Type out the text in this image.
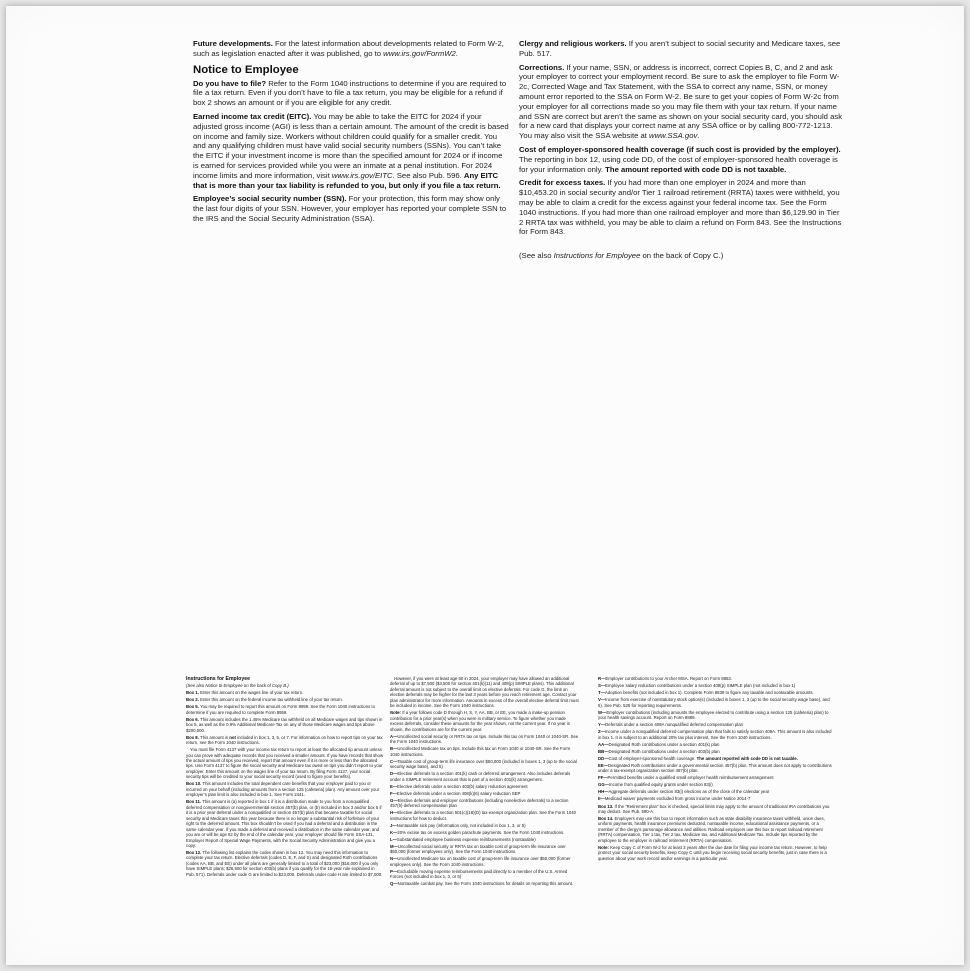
Future developments. For the latest information about developments related to Form W-2, such as legislation enacted after it was published, go to www.irs.gov/FormW2.

Notice to Employee

Do you have to file? Refer to the Form 1040 instructions to determine if you are required to file a tax return. Even if you don’t have to file a tax return, you may be eligible for a refund if box 2 shows an amount or if you are eligible for any credit.

Earned income tax credit (EITC). You may be able to take the EITC for 2024 if your adjusted gross income (AGI) is less than a certain amount. The amount of the credit is based on income and family size. Workers without children could qualify for a smaller credit. You and any qualifying children must have valid social security numbers (SSNs). You can’t take the EITC if your investment income is more than the specified amount for 2024 or if income is earned for services provided while you were an inmate at a penal institution. For 2024 income limits and more information, visit www.irs.gov/EITC. See also Pub. 596. Any EITC that is more than your tax liability is refunded to you, but only if you file a tax return.

Employee’s social security number (SSN). For your protection, this form may show only the last four digits of your SSN. However, your employer has reported your complete SSN to the IRS and the Social Security Administration (SSA).

Clergy and religious workers. If you aren’t subject to social security and Medicare taxes, see Pub. 517.

Corrections. If your name, SSN, or address is incorrect, correct Copies B, C, and 2 and ask your employer to correct your employment record. Be sure to ask the employer to file Form W-2c, Corrected Wage and Tax Statement, with the SSA to correct any name, SSN, or money amount error reported to the SSA on Form W-2. Be sure to get your copies of Form W-2c from your employer for all corrections made so you may file them with your tax return. If your name and SSN are correct but aren’t the same as shown on your social security card, you should ask for a new card that displays your correct name at any SSA office or by calling 800-772-1213. You may also visit the SSA website at www.SSA.gov.

Cost of employer-sponsored health coverage (if such cost is provided by the employer). The reporting in box 12, using code DD, of the cost of employer-sponsored health coverage is for your information only. The amount reported with code DD is not taxable.

Credit for excess taxes. If you had more than one employer in 2024 and more than $10,453.20 in social security and/or Tier 1 railroad retirement (RRTA) taxes were withheld, you may be able to claim a credit for the excess against your federal income tax. See the Form 1040 instructions. If you had more than one railroad employer and more than $6,129.90 in Tier 2 RRTA tax was withheld, you may be able to claim a refund on Form 843. See the Instructions for Form 843.

(See also Instructions for Employee on the back of Copy C.)

Instructions for Employee

(See also Notice to Employee on the back of Copy B.)

Box 1. Enter this amount on the wages line of your tax return.

Box 2. Enter this amount on the federal income tax withheld line of your tax return.

Box 5. You may be required to report this amount on Form 8959. See the Form 1040 instructions to determine if you are required to complete Form 8959.

Box 6. This amount includes the 1.45% Medicare tax withheld on all Medicare wages and tips shown in box 5, as well as the 0.9% Additional Medicare Tax on any of those Medicare wages and tips above $200,000.

Box 8. This amount is not included in box 1, 3, 5, or 7. For information on how to report tips on your tax return, see the Form 1040 instructions.

You must file Form 4137 with your income tax return to report at least the allocated tip amount unless you can prove with adequate records that you received a smaller amount. If you have records that show the actual amount of tips you received, report that amount even if it is more or less than the allocated tips. Use Form 4137 to figure the social security and Medicare tax owed on tips you didn’t report to your employer. Enter this amount on the wages line of your tax return. By filing Form 4137, your social security tips will be credited to your social security record (used to figure your benefits).

Box 10. This amount includes the total dependent care benefits that your employer paid to you or incurred on your behalf (including amounts from a section 125 (cafeteria) plan). Any amount over your employer’s plan limit is also included in box 1. See Form 2441.

Box 11. This amount is (a) reported in box 1 if it is a distribution made to you from a nonqualified deferred compensation or nongovernmental section 457(b) plan, or (b) included in box 3 and/or box 5 if it is a prior year deferral under a nonqualified or section 457(b) plan that became taxable for social security and Medicare taxes this year because there is no longer a substantial risk of forfeiture of your right to the deferred amount. This box shouldn’t be used if you had a deferral and a distribution in the same calendar year. If you made a deferral and received a distribution in the same calendar year, and you are or will be age 62 by the end of the calendar year, your employer should file Form SSA-131, Employer Report of Special Wage Payments, with the Social Security Administration and give you a copy.

Box 12. The following list explains the codes shown in box 12. You may need this information to complete your tax return. Elective deferrals (codes D, E, F, and S) and designated Roth contributions (codes AA, BB, and EE) under all plans are generally limited to a total of $23,000 ($16,000 if you only have SIMPLE plans; $26,500 for section 403(b) plans if you qualify for the 15-year rule explained in Pub. 571). Deferrals under code G are limited to $23,000. Deferrals under code H are limited to $7,000.

However, if you were at least age 50 in 2024, your employer may have allowed an additional deferral of up to $7,500 ($3,500 for section 401(k)(11) and 408(p) SIMPLE plans). This additional deferral amount is not subject to the overall limit on elective deferrals. For code G, the limit on elective deferrals may be higher for the last 3 years before you reach retirement age. Contact your plan administrator for more information. Amounts in excess of the overall elective deferral limit must be included in income. See the Form 1040 instructions.

Note: If a year follows code D through H, S, Y, AA, BB, or EE, you made a make-up pension contribution for a prior year(s) when you were in military service. To figure whether you made excess deferrals, consider these amounts for the year shown, not the current year. If no year is shown, the contributions are for the current year.

A—Uncollected social security or RRTA tax on tips. Include this tax on Form 1040 or 1040-SR. See the Form 1040 instructions.

B—Uncollected Medicare tax on tips. Include this tax on Form 1040 or 1040-SR. See the Form 1040 instructions.

C—Taxable cost of group-term life insurance over $50,000 (included in boxes 1, 3 (up to the social security wage base), and 5)

D—Elective deferrals to a section 401(k) cash or deferred arrangement. Also includes deferrals under a SIMPLE retirement account that is part of a section 401(k) arrangement.

E—Elective deferrals under a section 403(b) salary reduction agreement

F—Elective deferrals under a section 408(k)(6) salary reduction SEP

G—Elective deferrals and employer contributions (including nonelective deferrals) to a section 457(b) deferred compensation plan

H—Elective deferrals to a section 501(c)(18)(D) tax-exempt organization plan. See the Form 1040 instructions for how to deduct.

J—Nontaxable sick pay (information only, not included in box 1, 3, or 5)

K—20% excise tax on excess golden parachute payments. See the Form 1040 instructions.

L—Substantiated employee business expense reimbursements (nontaxable)

M—Uncollected social security or RRTA tax on taxable cost of group-term life insurance over $50,000 (former employees only). See the Form 1040 instructions.

N—Uncollected Medicare tax on taxable cost of group-term life insurance over $50,000 (former employees only). See the Form 1040 instructions.

P—Excludable moving expense reimbursements paid directly to a member of the U.S. Armed Forces (not included in box 1, 3, or 5)

Q—Nontaxable combat pay. See the Form 1040 instructions for details on reporting this amount.

R—Employer contributions to your Archer MSA. Report on Form 8853.

S—Employee salary reduction contributions under a section 408(p) SIMPLE plan (not included in box 1)

T—Adoption benefits (not included in box 1). Complete Form 8839 to figure any taxable and nontaxable amounts.

V—Income from exercise of nonstatutory stock option(s) (included in boxes 1, 3 (up to the social security wage base), and 5). See Pub. 525 for reporting requirements.

W—Employer contributions (including amounts the employee elected to contribute using a section 125 (cafeteria) plan) to your health savings account. Report on Form 8889.

Y—Deferrals under a section 409A nonqualified deferred compensation plan

Z—Income under a nonqualified deferred compensation plan that fails to satisfy section 409A. This amount is also included in box 1. It is subject to an additional 20% tax plus interest. See the Form 1040 instructions.

AA—Designated Roth contributions under a section 401(k) plan

BB—Designated Roth contributions under a section 403(b) plan

DD—Cost of employer-sponsored health coverage. The amount reported with code DD is not taxable.

EE—Designated Roth contributions under a governmental section 457(b) plan. This amount does not apply to contributions under a tax-exempt organization section 457(b) plan.

FF—Permitted benefits under a qualified small employer health reimbursement arrangement

GG—Income from qualified equity grants under section 83(i)

HH—Aggregate deferrals under section 83(i) elections as of the close of the calendar year

II—Medicaid waiver payments excluded from gross income under Notice 2014-7

Box 13. If the “Retirement plan” box is checked, special limits may apply to the amount of traditional IRA contributions you may deduct. See Pub. 590-A.

Box 14. Employers may use this box to report information such as state disability insurance taxes withheld, union dues, uniform payments, health insurance premiums deducted, nontaxable income, educational assistance payments, or a member of the clergy’s parsonage allowance and utilities. Railroad employers use this box to report railroad retirement (RRTA) compensation, Tier 1 tax, Tier 2 tax, Medicare tax, and Additional Medicare Tax. Include tips reported by the employee to the employer in railroad retirement (RRTA) compensation.

Note: Keep Copy C of Form W-2 for at least 3 years after the due date for filing your income tax return. However, to help protect your social security benefits, keep Copy C until you begin receiving social security benefits, just in case there is a question about your work record and/or earnings in a particular year.
